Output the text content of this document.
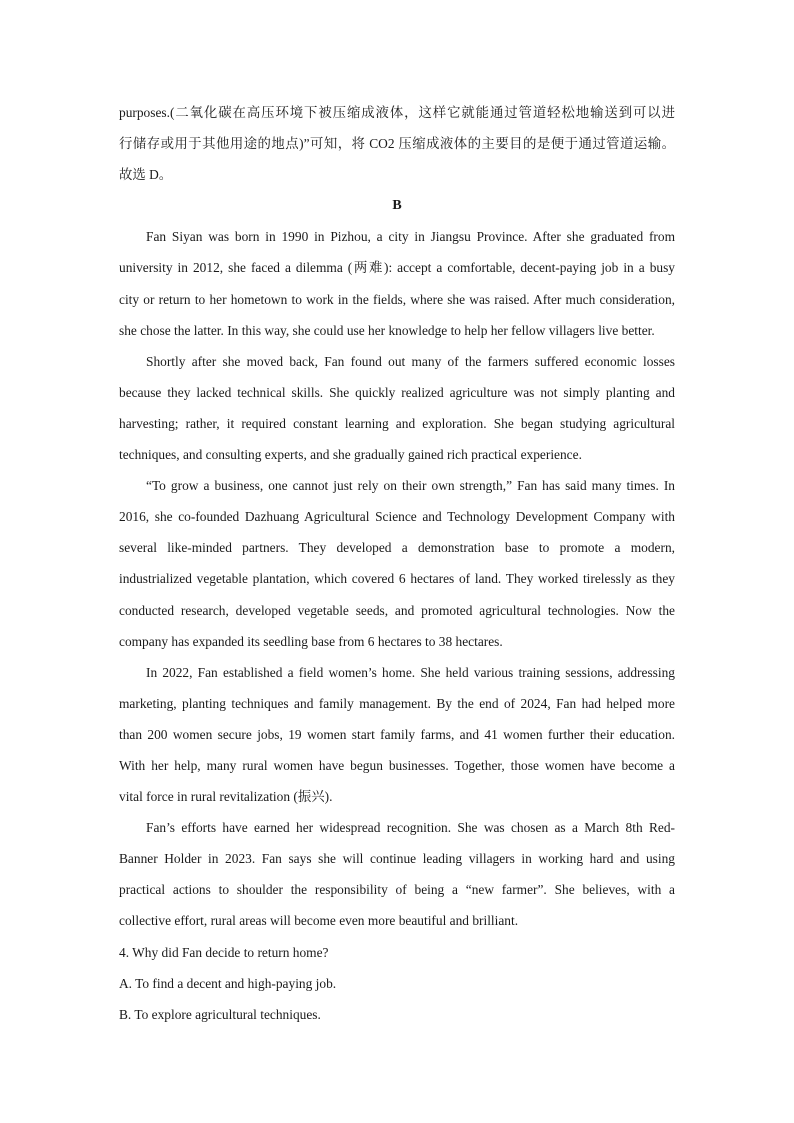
purposes.(二氧化碳在高压环境下被压缩成液体，这样它就能通过管道轻松地输送到可以进
行储存或用于其他用途的地点)”可知，将 CO2 压缩成液体的主要目的是便于通过管道运输。
故选 D。
B
Fan Siyan was born in 1990 in Pizhou, a city in Jiangsu Province. After she graduated from
university in 2012, she faced a dilemma (两难): accept a comfortable, decent-paying job in a busy
city or return to her hometown to work in the fields, where she was raised. After much consideration,
she chose the latter. In this way, she could use her knowledge to help her fellow villagers live better.
Shortly after she moved back, Fan found out many of the farmers suffered economic losses
because they lacked technical skills. She quickly realized agriculture was not simply planting and
harvesting; rather, it required constant learning and exploration. She began studying agricultural
techniques, and consulting experts, and she gradually gained rich practical experience.
“To grow a business, one cannot just rely on their own strength,” Fan has said many times. In
2016, she co-founded Dazhuang Agricultural Science and Technology Development Company with
several like-minded partners. They developed a demonstration base to promote a modern,
industrialized vegetable plantation, which covered 6 hectares of land. They worked tirelessly as they
conducted research, developed vegetable seeds, and promoted agricultural technologies. Now the
company has expanded its seedling base from 6 hectares to 38 hectares.
In 2022, Fan established a field women’s home. She held various training sessions, addressing
marketing, planting techniques and family management. By the end of 2024, Fan had helped more
than 200 women secure jobs, 19 women start family farms, and 41 women further their education.
With her help, many rural women have begun businesses. Together, those women have become a
vital force in rural revitalization (振兴).
Fan’s efforts have earned her widespread recognition. She was chosen as a March 8th Red-
Banner Holder in 2023. Fan says she will continue leading villagers in working hard and using
practical actions to shoulder the responsibility of being a “new farmer”. She believes, with a
collective effort, rural areas will become even more beautiful and brilliant.
4. Why did Fan decide to return home?
A. To find a decent and high-paying job.
B. To explore agricultural techniques.
